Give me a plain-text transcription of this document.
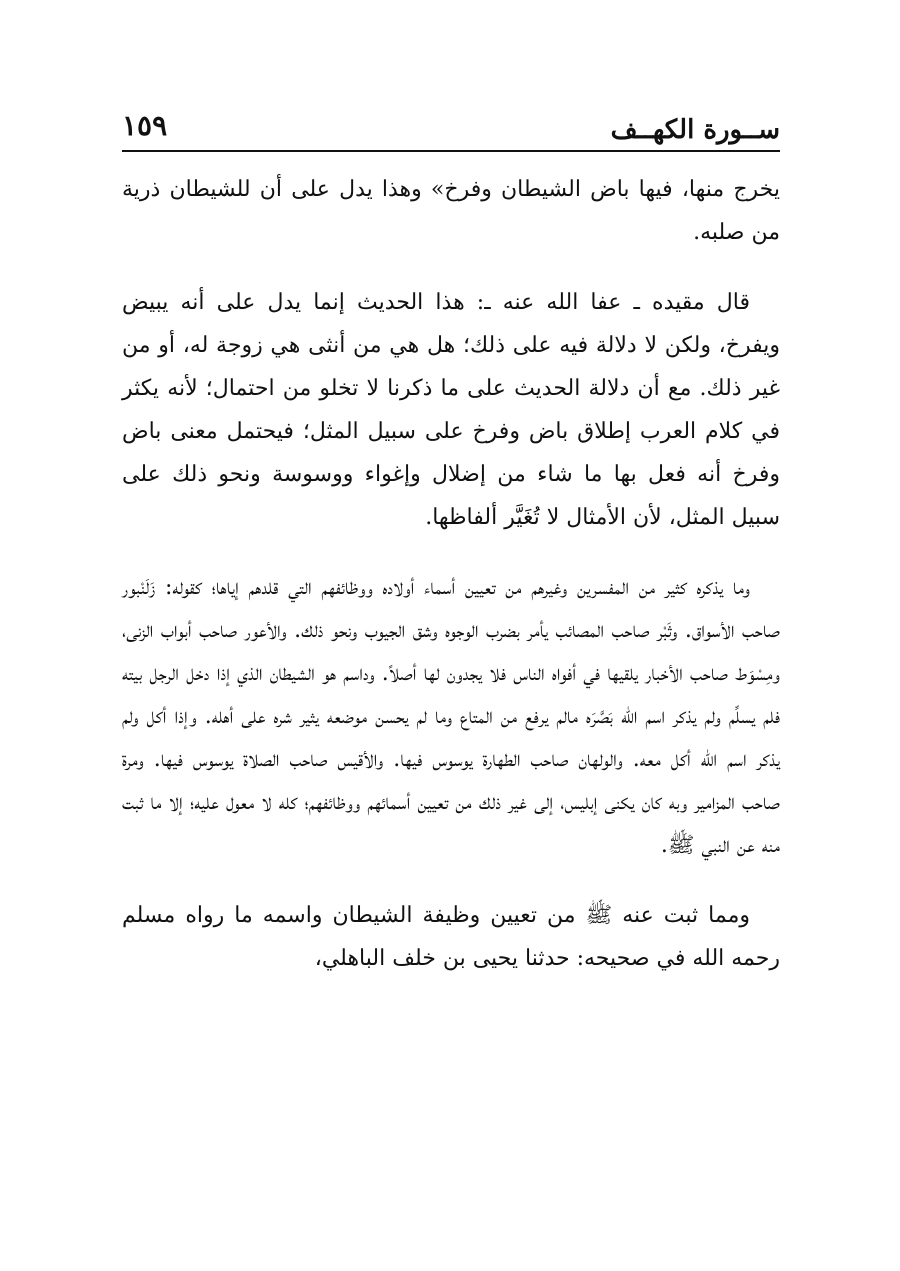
ســورة الكهــف
١٥٩

يخرج منها، فيها باض الشيطان وفرخ» وهذا يدل على أن للشيطان ذرية من صلبه.

قال مقيده ـ عفا الله عنه ـ: هذا الحديث إنما يدل على أنه يبيض ويفرخ، ولكن لا دلالة فيه على ذلك؛ هل هي من أنثى هي زوجة له، أو من غير ذلك. مع أن دلالة الحديث على ما ذكرنا لا تخلو من احتمال؛ لأنه يكثر في كلام العرب إطلاق باض وفرخ على سبيل المثل؛ فيحتمل معنى باض وفرخ أنه فعل بها ما شاء من إضلال وإغواء ووسوسة ونحو ذلك على سبيل المثل، لأن الأمثال لا تُغَيَّر ألفاظها.

وما يذكره كثير من المفسرين وغيرهم من تعيين أسماء أولاده ووظائفهم التي قلدهم إياها؛ كقوله: زَلَنْبور صاحب الأسواق. وثَبْر صاحب المصائب يأمر بضرب الوجوه وشق الجيوب ونحو ذلك. والأعور صاحب أبواب الزنى، ومِسْوَط صاحب الأخبار يلقيها في أفواه الناس فلا يجدون لها أصلاً. وداسم هو الشيطان الذي إذا دخل الرجل بيته فلم يسلِّم ولم يذكر اسم الله بَصَّرَه مالم يرفع من المتاع وما لم يحسن موضعه يثير شره على أهله. وإذا أكل ولم يذكر اسم الله أكل معه. والولهان صاحب الطهارة يوسوس فيها. والأقيس صاحب الصلاة يوسوس فيها. ومرة صاحب المزامير وبه كان يكنى إبليس، إلى غير ذلك من تعيين أسمائهم ووظائفهم؛ كله لا معول عليه؛ إلا ما ثبت منه عن النبي ﷺ.

ومما ثبت عنه ﷺ من تعيين وظيفة الشيطان واسمه ما رواه مسلم رحمه الله في صحيحه: حدثنا يحيى بن خلف الباهلي،
